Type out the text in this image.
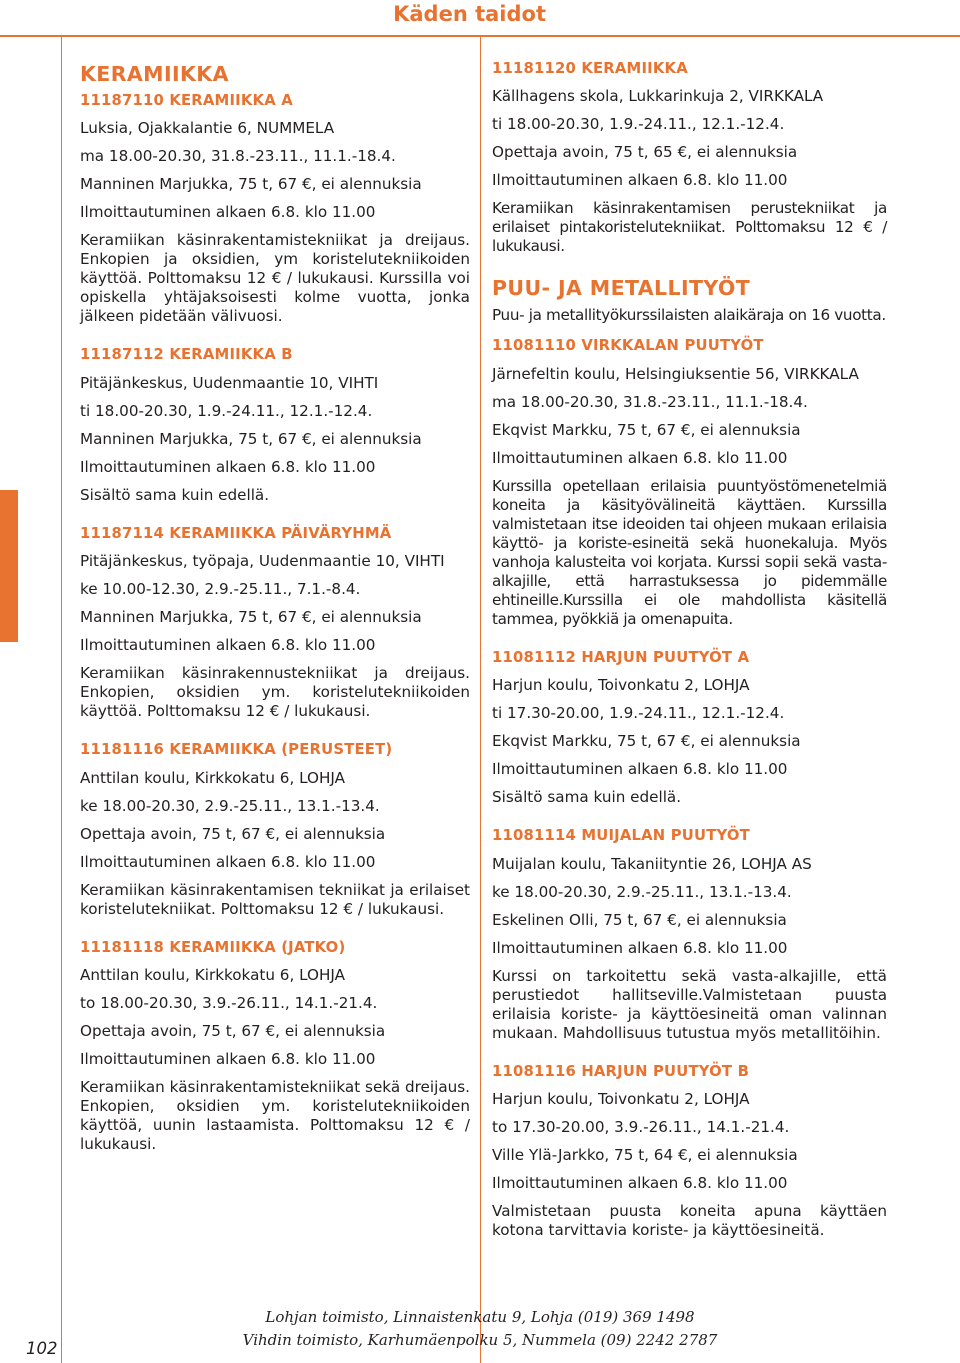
Käden taidot
KERAMIIKKA
11187110 KERAMIIKKA A
Luksia, Ojakkalantie 6, NUMMELA
ma 18.00-20.30, 31.8.-23.11., 11.1.-18.4.
Manninen Marjukka, 75 t, 67 €, ei alennuksia
Ilmoittautuminen alkaen 6.8. klo 11.00
Keramiikan käsinrakentamistekniikat ja dreijaus. Enkopien ja oksidien, ym koristelutekniikoiden käyttöä. Polttomaksu 12 € / lukukausi. Kurssilla voi opiskella yhtäjaksoisesti kolme vuotta, jonka jälkeen pidetään välivuosi.
11187112 KERAMIIKKA B
Pitäjänkeskus, Uudenmaantie 10, VIHTI
ti 18.00-20.30, 1.9.-24.11., 12.1.-12.4.
Manninen Marjukka, 75 t, 67 €, ei alennuksia
Ilmoittautuminen alkaen 6.8. klo 11.00
Sisältö sama kuin edellä.
11187114 KERAMIIKKA PÄIVÄRYHMÄ
Pitäjänkeskus, työpaja, Uudenmaantie 10, VIHTI
ke 10.00-12.30, 2.9.-25.11., 7.1.-8.4.
Manninen Marjukka, 75 t, 67 €, ei alennuksia
Ilmoittautuminen alkaen 6.8. klo 11.00
Keramiikan käsinrakennustekniikat ja dreijaus. Enkopien, oksidien ym. koristelutekniikoiden käyttöä. Polttomaksu 12 € / lukukausi.
11181116 KERAMIIKKA (PERUSTEET)
Anttilan koulu, Kirkkokatu 6, LOHJA
ke 18.00-20.30, 2.9.-25.11., 13.1.-13.4.
Opettaja avoin, 75 t, 67 €, ei alennuksia
Ilmoittautuminen alkaen 6.8. klo 11.00
Keramiikan käsinrakentamisen tekniikat ja erilaiset koristelutekniikat. Polttomaksu 12 € / lukukausi.
11181118 KERAMIIKKA (JATKO)
Anttilan koulu, Kirkkokatu 6, LOHJA
to 18.00-20.30, 3.9.-26.11., 14.1.-21.4.
Opettaja avoin, 75 t, 67 €, ei alennuksia
Ilmoittautuminen alkaen 6.8. klo 11.00
Keramiikan käsinrakentamistekniikat sekä dreijaus. Enkopien, oksidien ym. koristelutekniikoiden käyttöä, uunin lastaamista. Polttomaksu 12 € / lukukausi.
11181120 KERAMIIKKA
Källhagens skola, Lukkarinkuja 2, VIRKKALA
ti 18.00-20.30, 1.9.-24.11., 12.1.-12.4.
Opettaja avoin, 75 t, 65 €, ei alennuksia
Ilmoittautuminen alkaen 6.8. klo 11.00
Keramiikan käsinrakentamisen perustekniikat ja erilaiset pintakoristelutekniikat. Polttomaksu 12 € / lukukausi.
PUU- JA METALLITYÖT
Puu- ja metallityökurssilaisten alaikäraja on 16 vuotta.
11081110 VIRKKALAN PUUTYÖT
Järnefeltin koulu, Helsingiuksentie 56, VIRKKALA
ma 18.00-20.30, 31.8.-23.11., 11.1.-18.4.
Ekqvist Markku, 75 t, 67 €, ei alennuksia
Ilmoittautuminen alkaen 6.8. klo 11.00
Kurssilla opetellaan erilaisia puuntyöstömenetelmiä koneita ja käsityövälineitä käyttäen. Kurssilla valmistetaan itse ideoiden tai ohjeen mukaan erilaisia käyttö- ja koriste-esineitä sekä huonekaluja. Myös vanhoja kalusteita voi korjata. Kurssi sopii sekä vasta-alkajille, että harrastuksessa jo pidemmälle ehtineille.Kurssilla ei ole mahdollista käsitellä tammea, pyökkiä ja omenapuita.
11081112 HARJUN PUUTYÖT A
Harjun koulu, Toivonkatu 2, LOHJA
ti 17.30-20.00, 1.9.-24.11., 12.1.-12.4.
Ekqvist Markku, 75 t, 67 €, ei alennuksia
Ilmoittautuminen alkaen 6.8. klo 11.00
Sisältö sama kuin edellä.
11081114 MUIJALAN PUUTYÖT
Muijalan koulu, Takaniityntie 26, LOHJA AS
ke 18.00-20.30, 2.9.-25.11., 13.1.-13.4.
Eskelinen Olli, 75 t, 67 €, ei alennuksia
Ilmoittautuminen alkaen 6.8. klo 11.00
Kurssi on tarkoitettu sekä vasta-alkajille, että perustiedot hallitseville.Valmistetaan puusta erilaisia koriste- ja käyttöesineitä oman valinnan mukaan. Mahdollisuus tutustua myös metallitöihin.
11081116 HARJUN PUUTYÖT B
Harjun koulu, Toivonkatu 2, LOHJA
to 17.30-20.00, 3.9.-26.11., 14.1.-21.4.
Ville Ylä-Jarkko, 75 t, 64 €, ei alennuksia
Ilmoittautuminen alkaen 6.8. klo 11.00
Valmistetaan puusta koneita apuna käyttäen kotona tarvittavia koriste- ja käyttöesineitä.
Lohjan toimisto, Linnaistenkatu 9, Lohja (019) 369 1498
Vihdin toimisto, Karhumäenpolku 5, Nummela (09) 2242 2787
102
